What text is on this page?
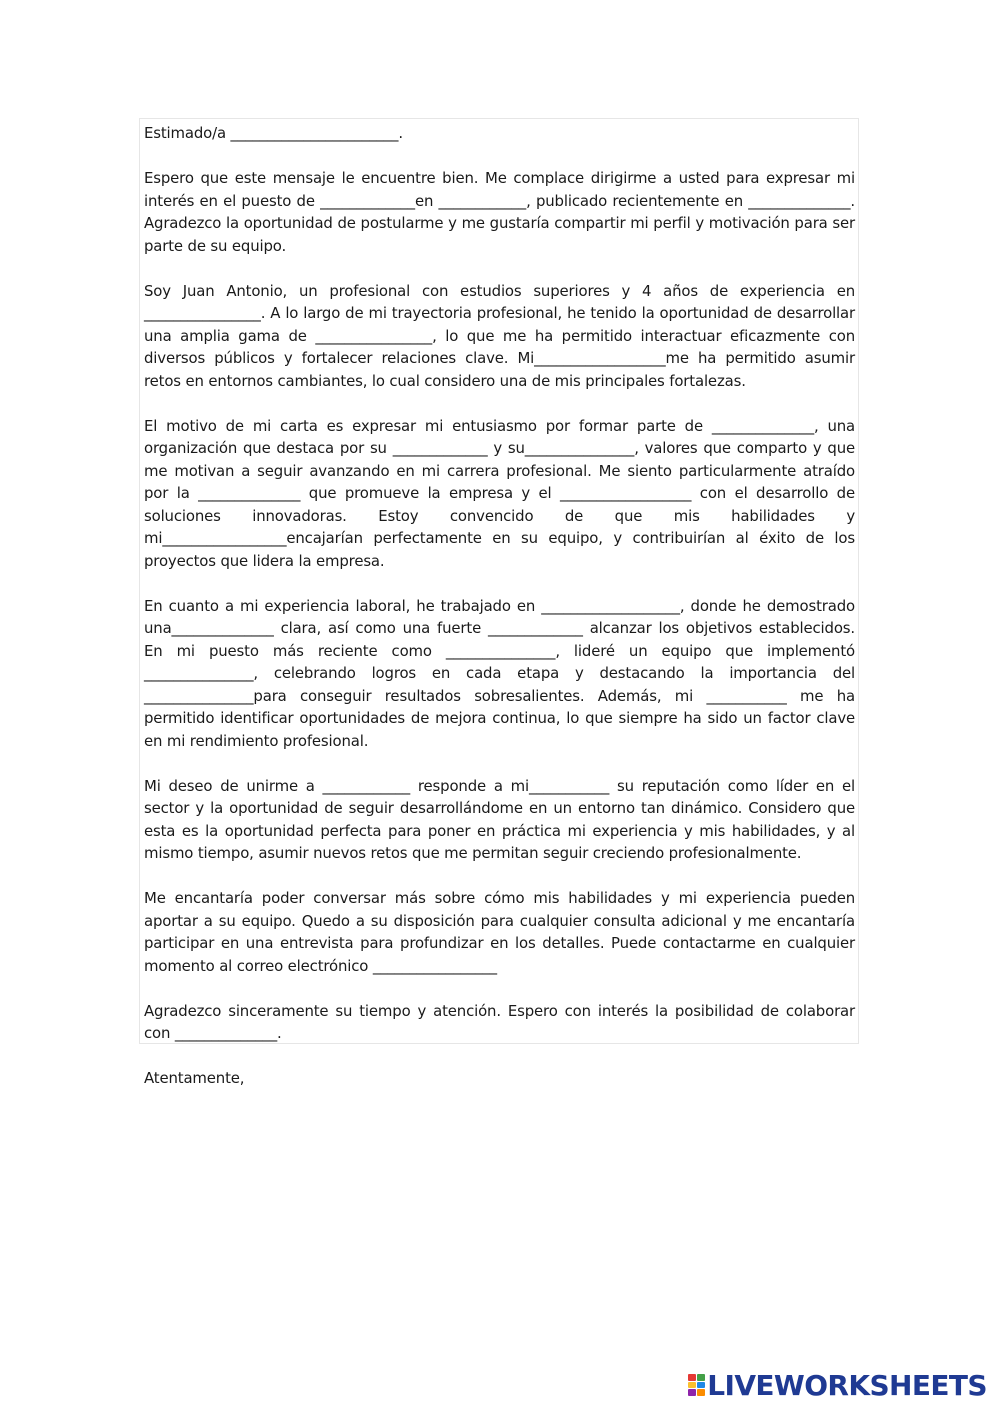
Estimado/a _______________________.

Espero que este mensaje le encuentre bien. Me complace dirigirme a usted para expresar mi interés en el puesto de _____________en ____________, publicado recientemente en ______________. Agradezco la oportunidad de postularme y me gustaría compartir mi perfil y motivación para ser parte de su equipo.

Soy Juan Antonio, un profesional con estudios superiores y 4 años de experiencia en ________________. A lo largo de mi trayectoria profesional, he tenido la oportunidad de desarrollar una amplia gama de ________________, lo que me ha permitido interactuar eficazmente con diversos públicos y fortalecer relaciones clave. Mi__________________me ha permitido asumir retos en entornos cambiantes, lo cual considero una de mis principales fortalezas.

El motivo de mi carta es expresar mi entusiasmo por formar parte de ______________, una organización que destaca por su _____________ y su_______________, valores que comparto y que me motivan a seguir avanzando en mi carrera profesional. Me siento particularmente atraído por la ______________ que promueve la empresa y el __________________ con el desarrollo de soluciones innovadoras. Estoy convencido de que mis habilidades y mi_________________encajarían perfectamente en su equipo, y contribuirían al éxito de los proyectos que lidera la empresa.

En cuanto a mi experiencia laboral, he trabajado en ___________________, donde he demostrado una______________ clara, así como una fuerte _____________ alcanzar los objetivos establecidos. En mi puesto más reciente como _______________, lideré un equipo que implementó _______________, celebrando logros en cada etapa y destacando la importancia del _______________para conseguir resultados sobresalientes. Además, mi ___________ me ha permitido identificar oportunidades de mejora continua, lo que siempre ha sido un factor clave en mi rendimiento profesional.

Mi deseo de unirme a ____________ responde a mi___________ su reputación como líder en el sector y la oportunidad de seguir desarrollándome en un entorno tan dinámico. Considero que esta es la oportunidad perfecta para poner en práctica mi experiencia y mis habilidades, y al mismo tiempo, asumir nuevos retos que me permitan seguir creciendo profesionalmente.

Me encantaría poder conversar más sobre cómo mis habilidades y mi experiencia pueden aportar a su equipo. Quedo a su disposición para cualquier consulta adicional y me encantaría participar en una entrevista para profundizar en los detalles. Puede contactarme en cualquier momento al correo electrónico _________________

Agradezco sinceramente su tiempo y atención. Espero con interés la posibilidad de colaborar con ______________.

Atentamente,

LIVEWORKSHEETS
